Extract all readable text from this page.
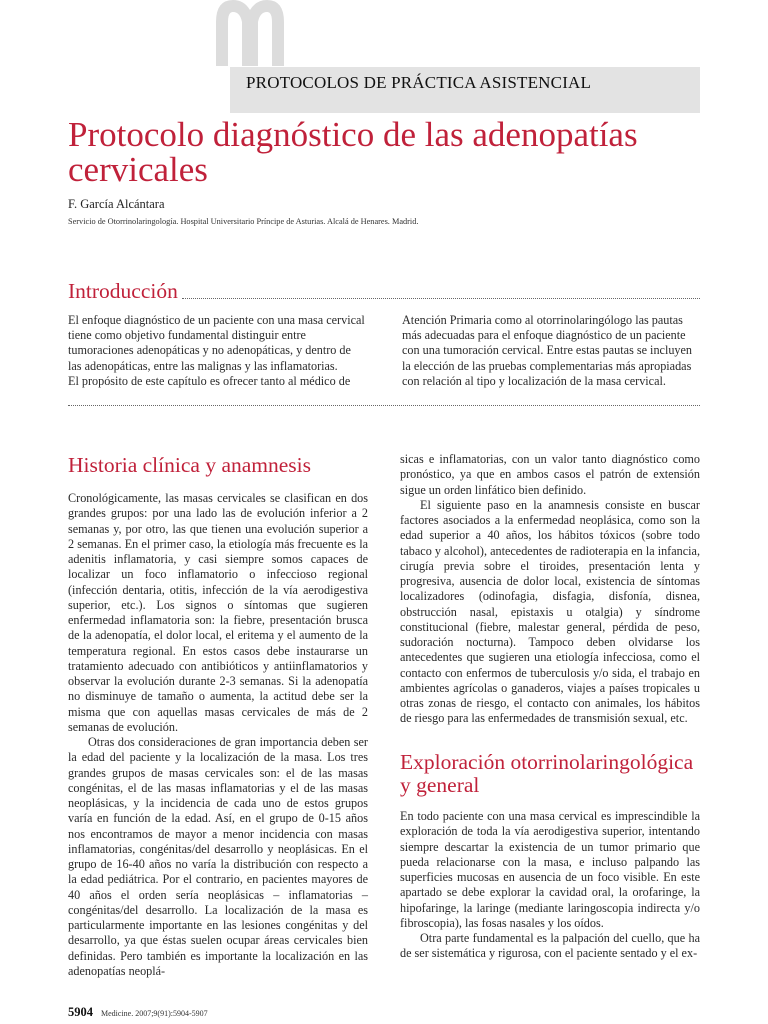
PROTOCOLOS DE PRÁCTICA ASISTENCIAL
Protocolo diagnóstico de las adenopatías cervicales
F. García Alcántara
Servicio de Otorrinolaringología. Hospital Universitario Príncipe de Asturias. Alcalá de Henares. Madrid.
Introducción

El enfoque diagnóstico de un paciente con una masa cervical tiene como objetivo fundamental distinguir entre tumoraciones adenopáticas y no adenopáticas, y dentro de las adenopáticas, entre las malignas y las inflamatorias.

El propósito de este capítulo es ofrecer tanto al médico de

Atención Primaria como al otorrinolaringólogo las pautas más adecuadas para el enfoque diagnóstico de un paciente con una tumoración cervical. Entre estas pautas se incluyen la elección de las pruebas complementarias más apropiadas con relación al tipo y localización de la masa cervical.

Historia clínica y anamnesis

Cronológicamente, las masas cervicales se clasifican en dos grandes grupos: por una lado las de evolución inferior a 2 semanas y, por otro, las que tienen una evolución superior a 2 semanas. En el primer caso, la etiología más frecuente es la adenitis inflamatoria, y casi siempre somos capaces de localizar un foco inflamatorio o infeccioso regional (infección dentaria, otitis, infección de la vía aerodigestiva superior, etc.). Los signos o síntomas que sugieren enfermedad inflamatoria son: la fiebre, presentación brusca de la adenopatía, el dolor local, el eritema y el aumento de la temperatura regional. En estos casos debe instaurarse un tratamiento adecuado con antibióticos y antiinflamatorios y observar la evolución durante 2-3 semanas. Si la adenopatía no disminuye de tamaño o aumenta, la actitud debe ser la misma que con aquellas masas cervicales de más de 2 semanas de evolución.

Otras dos consideraciones de gran importancia deben ser la edad del paciente y la localización de la masa. Los tres grandes grupos de masas cervicales son: el de las masas congénitas, el de las masas inflamatorias y el de las masas neoplásicas, y la incidencia de cada uno de estos grupos varía en función de la edad. Así, en el grupo de 0-15 años nos encontramos de mayor a menor incidencia con masas inflamatorias, congénitas/del desarrollo y neoplásicas. En el grupo de 16-40 años no varía la distribución con respecto a la edad pediátrica. Por el contrario, en pacientes mayores de 40 años el orden sería neoplásicas – inflamatorias – congénitas/del desarrollo. La localización de la masa es particularmente importante en las lesiones congénitas y del desarrollo, ya que éstas suelen ocupar áreas cervicales bien definidas. Pero también es importante la localización en las adenopatías neoplá-

sicas e inflamatorias, con un valor tanto diagnóstico como pronóstico, ya que en ambos casos el patrón de extensión sigue un orden linfático bien definido.

El siguiente paso en la anamnesis consiste en buscar factores asociados a la enfermedad neoplásica, como son la edad superior a 40 años, los hábitos tóxicos (sobre todo tabaco y alcohol), antecedentes de radioterapia en la infancia, cirugía previa sobre el tiroides, presentación lenta y progresiva, ausencia de dolor local, existencia de síntomas localizadores (odinofagia, disfagia, disfonía, disnea, obstrucción nasal, epistaxis u otalgia) y síndrome constitucional (fiebre, malestar general, pérdida de peso, sudoración nocturna). Tampoco deben olvidarse los antecedentes que sugieren una etiología infecciosa, como el contacto con enfermos de tuberculosis y/o sida, el trabajo en ambientes agrícolas o ganaderos, viajes a países tropicales u otras zonas de riesgo, el contacto con animales, los hábitos de riesgo para las enfermedades de transmisión sexual, etc.

Exploración otorrinolaringológica
y general

En todo paciente con una masa cervical es imprescindible la exploración de toda la vía aerodigestiva superior, intentando siempre descartar la existencia de un tumor primario que pueda relacionarse con la masa, e incluso palpando las superficies mucosas en ausencia de un foco visible. En este apartado se debe explorar la cavidad oral, la orofaringe, la hipofaringe, la laringe (mediante laringoscopia indirecta y/o fibroscopia), las fosas nasales y los oídos.

Otra parte fundamental es la palpación del cuello, que ha de ser sistemática y rigurosa, con el paciente sentado y el ex-

5904 Medicine. 2007;9(91):5904-5907
